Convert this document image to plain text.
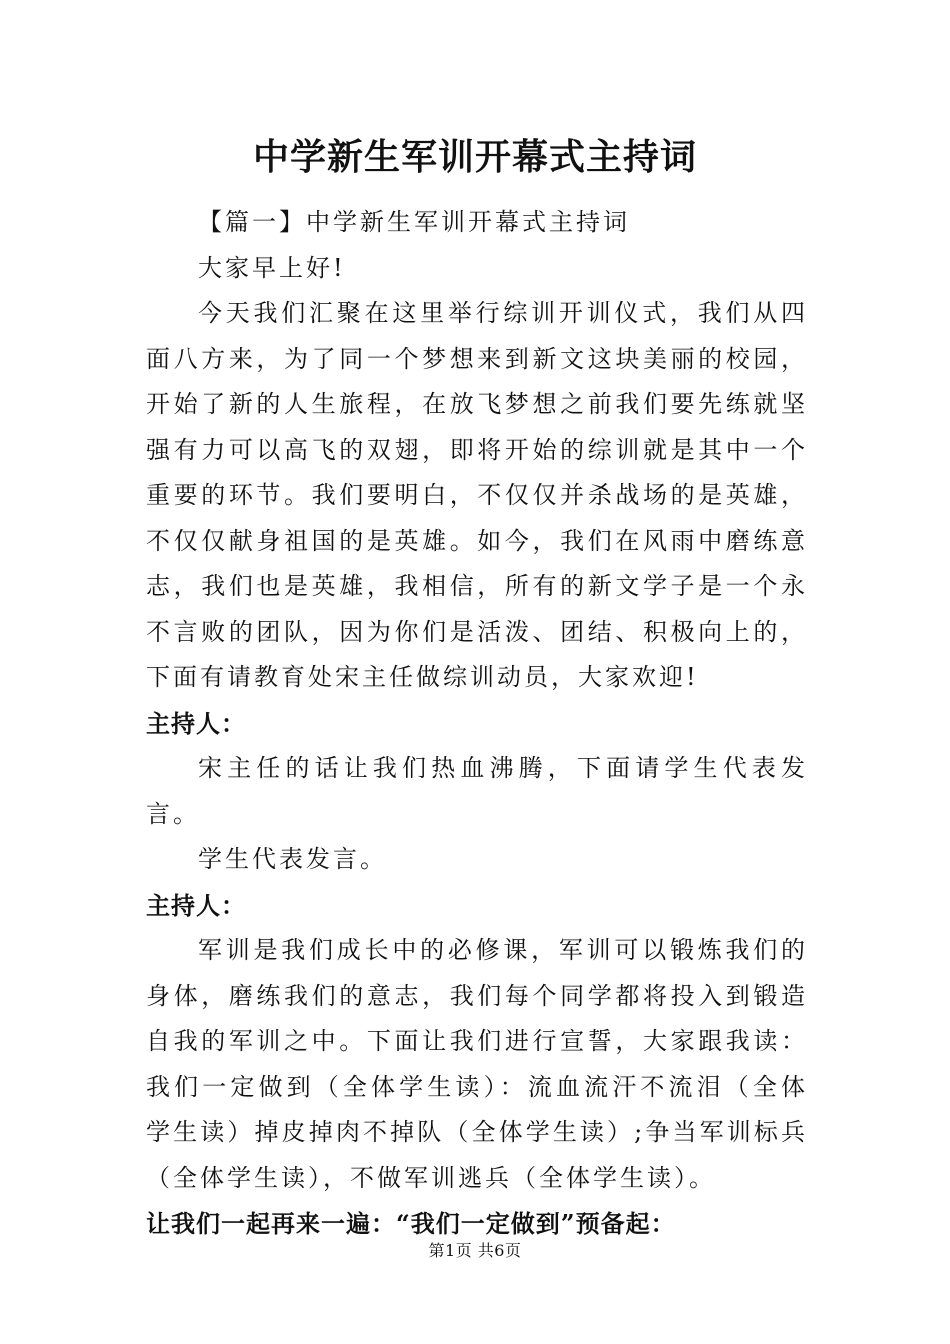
中学新生军训开幕式主持词

【篇一】中学新生军训开幕式主持词

大家早上好!

今天我们汇聚在这里举行综训开训仪式，我们从四面八方来，为了同一个梦想来到新文这块美丽的校园，开始了新的人生旅程，在放飞梦想之前我们要先练就坚强有力可以高飞的双翅，即将开始的综训就是其中一个重要的环节。我们要明白，不仅仅并杀战场的是英雄，不仅仅献身祖国的是英雄。如今，我们在风雨中磨练意志，我们也是英雄，我相信，所有的新文学子是一个永不言败的团队，因为你们是活泼、团结、积极向上的，下面有请教育处宋主任做综训动员，大家欢迎!

主持人：

宋主任的话让我们热血沸腾，下面请学生代表发言。

学生代表发言。

主持人：

军训是我们成长中的必修课，军训可以锻炼我们的身体，磨练我们的意志，我们每个同学都将投入到锻造自我的军训之中。下面让我们进行宣誓，大家跟我读：我们一定做到（全体学生读）：流血流汗不流泪（全体学生读）掉皮掉肉不掉队（全体学生读）;争当军训标兵（全体学生读），不做军训逃兵（全体学生读）。

让我们一起再来一遍：“我们一定做到”预备起：

第1页 共6页
